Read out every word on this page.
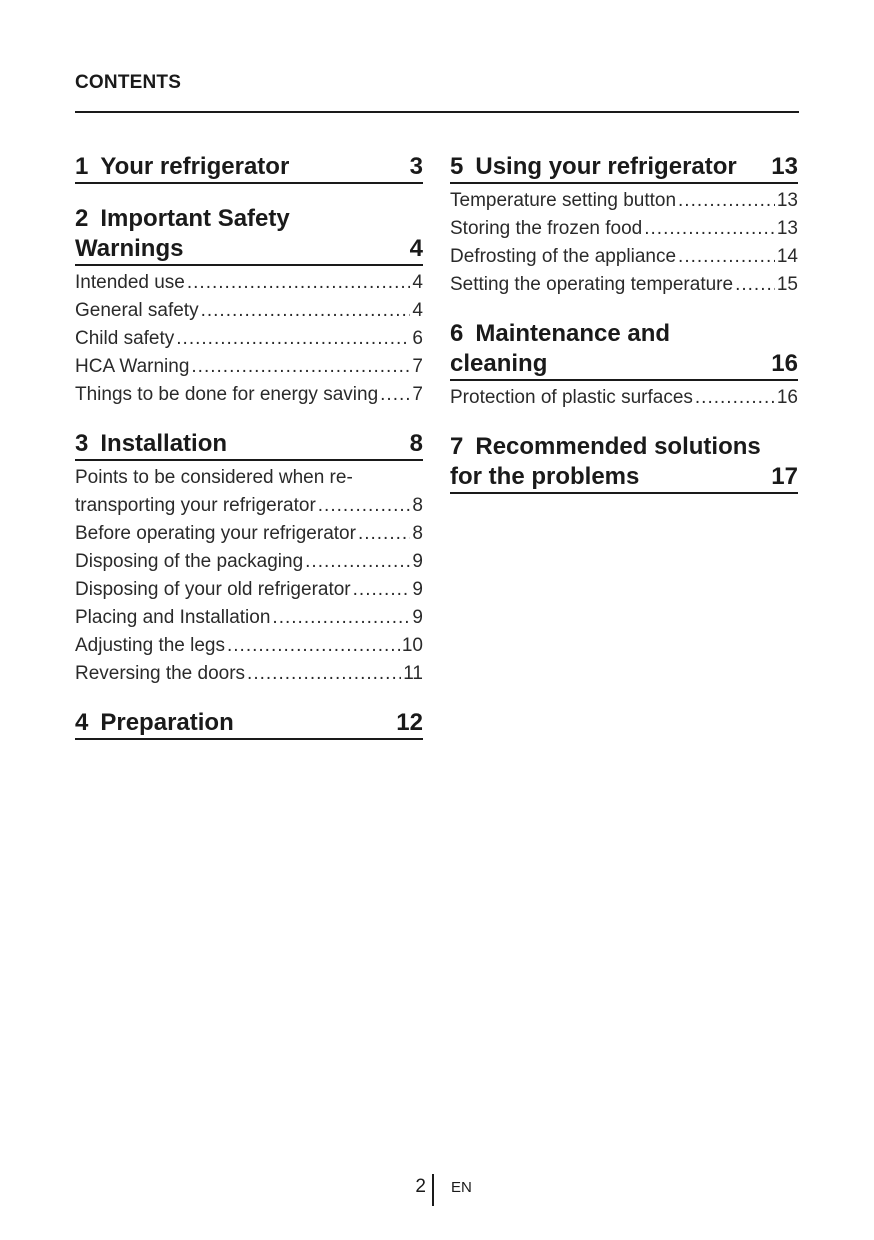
CONTENTS
1 Your refrigerator	3
2 Important Safety
Warnings	4
Intended use .....	4
General safety .....	4
Child safety .....	6
HCA Warning .....	7
Things to be done for energy saving ..... 7
3 Installation	8
Points to be considered when re-
transporting your refrigerator .....	8
Before operating your refrigerator .....	8
Disposing of the packaging .....	9
Disposing of your old refrigerator .....	9
Placing and Installation .....	9
Adjusting the legs .....	10
Reversing the doors .....	11
4 Preparation	12
5 Using your refrigerator 13
Temperature setting button .....	13
Storing the frozen food .....	13
Defrosting of the appliance .....	14
Setting the operating temperature ..... 15
6 Maintenance and
cleaning	16
Protection of plastic surfaces .....	16
7 Recommended solutions
for the problems	17
2 EN
